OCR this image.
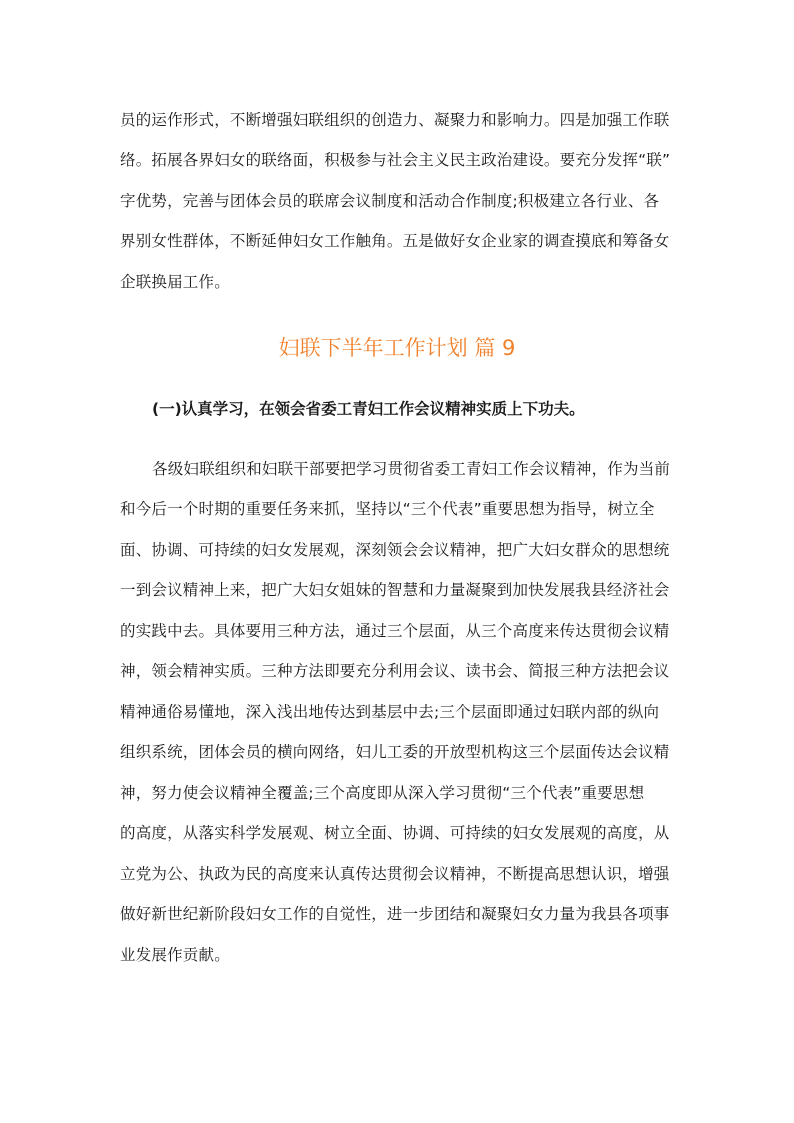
员的运作形式，不断增强妇联组织的创造力、凝聚力和影响力。四是加强工作联
络。拓展各界妇女的联络面，积极参与社会主义民主政治建设。要充分发挥“联”
字优势，完善与团体会员的联席会议制度和活动合作制度;积极建立各行业、各
界别女性群体，不断延伸妇女工作触角。五是做好女企业家的调查摸底和筹备女
企联换届工作。
妇联下半年工作计划 篇 9
(一)认真学习，在领会省委工青妇工作会议精神实质上下功夫。
各级妇联组织和妇联干部要把学习贯彻省委工青妇工作会议精神，作为当前
和今后一个时期的重要任务来抓，坚持以“三个代表”重要思想为指导，树立全
面、协调、可持续的妇女发展观，深刻领会会议精神，把广大妇女群众的思想统
一到会议精神上来，把广大妇女姐妹的智慧和力量凝聚到加快发展我县经济社会
的实践中去。具体要用三种方法，通过三个层面，从三个高度来传达贯彻会议精
神，领会精神实质。三种方法即要充分利用会议、读书会、简报三种方法把会议
精神通俗易懂地，深入浅出地传达到基层中去;三个层面即通过妇联内部的纵向
组织系统，团体会员的横向网络，妇儿工委的开放型机构这三个层面传达会议精
神，努力使会议精神全覆盖;三个高度即从深入学习贯彻“三个代表”重要思想
的高度，从落实科学发展观、树立全面、协调、可持续的妇女发展观的高度，从
立党为公、执政为民的高度来认真传达贯彻会议精神，不断提高思想认识，增强
做好新世纪新阶段妇女工作的自觉性，进一步团结和凝聚妇女力量为我县各项事
业发展作贡献。
